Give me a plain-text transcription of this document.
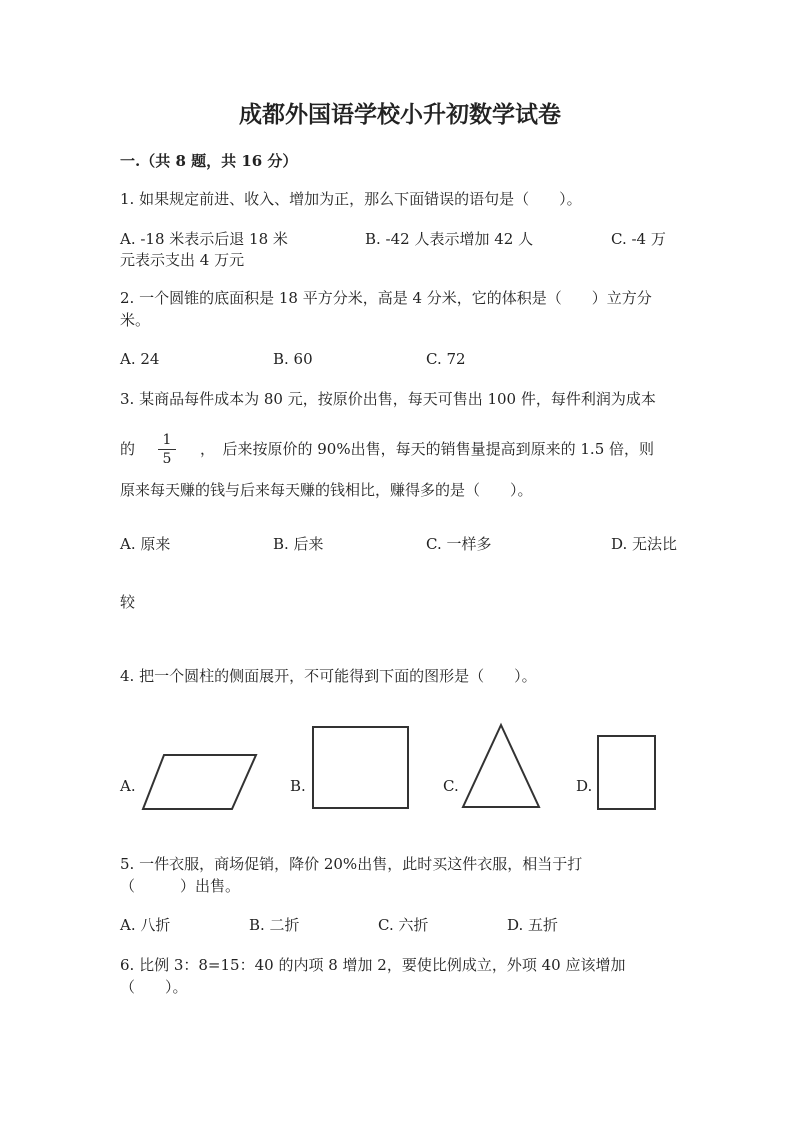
成都外国语学校小升初数学试卷
一.（共 8 题，共 16 分）
1. 如果规定前进、收入、增加为正，那么下面错误的语句是（　　）。
A. -18 米表示后退 18 米	B. -42 人表示增加 42 人	C. -4 万
元表示支出 4 万元
2. 一个圆锥的底面积是 18 平方分米，高是 4 分米，它的体积是（　　）立方分
米。
A. 24	B. 60	C. 72
3. 某商品每件成本为 80 元，按原价出售，每天可售出 100 件，每件利润为成本
的	1
5
，　后来按原价的 90%出售，每天的销售量提高到原来的 1.5 倍，则
原来每天赚的钱与后来每天赚的钱相比，赚得多的是（　　）。
A. 原来	B. 后来	C. 一样多	D. 无法比
较
4. 把一个圆柱的侧面展开，不可能得到下面的图形是（　　）。
A.	B.	C.	D.
5. 一件衣服，商场促销，降价 20%出售，此时买这件衣服，相当于打
（　　　）出售。
A. 八折	B. 二折	C. 六折	D. 五折
6. 比例 3：8=15：40 的内项 8 增加 2，要使比例成立，外项 40 应该增加
（　　）。
